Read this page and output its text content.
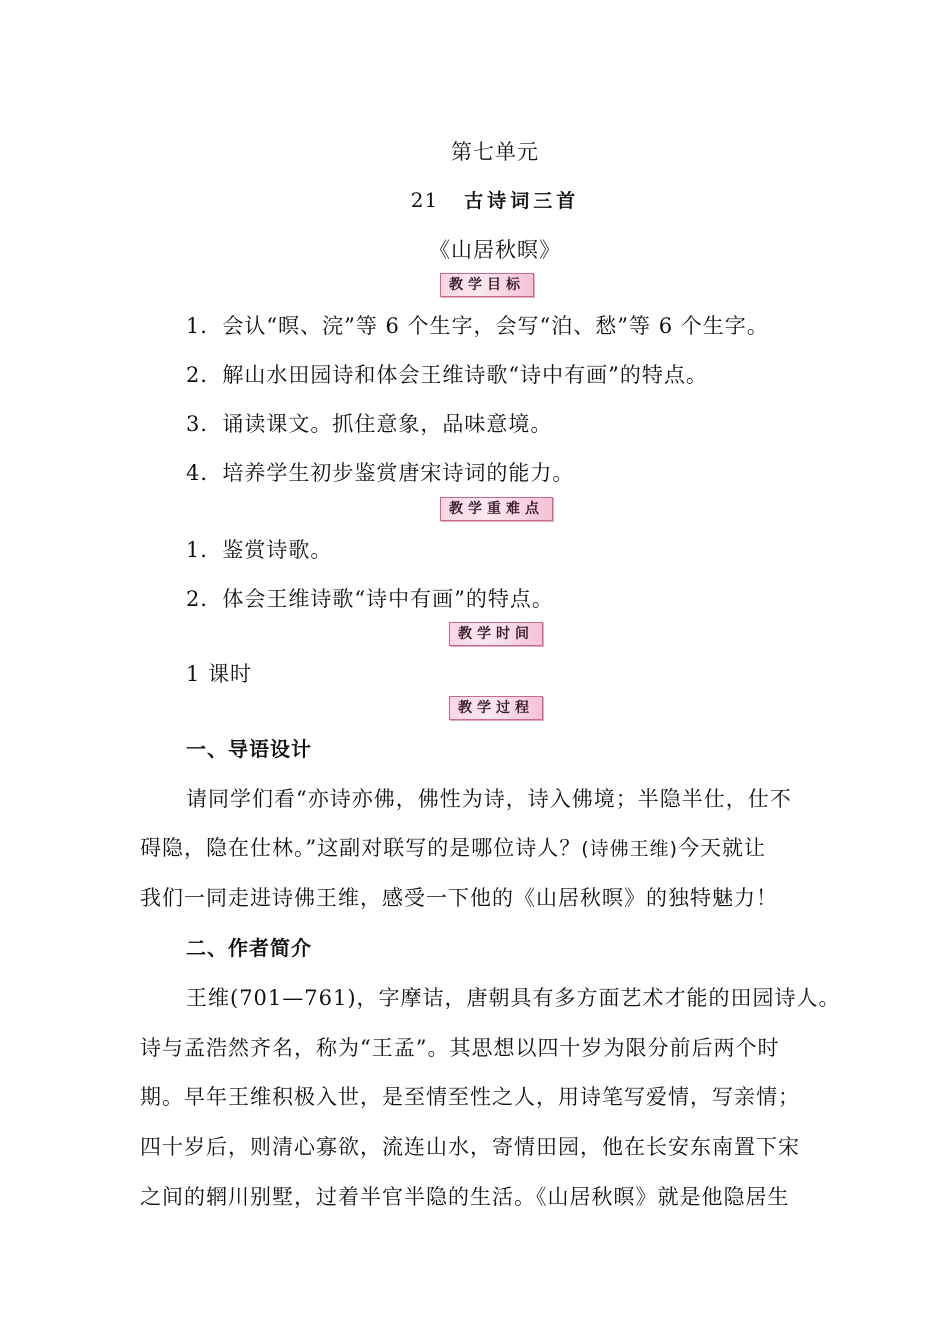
第七单元
21 古诗词三首
《山居秋暝》
教学目标
1．会认“暝、浣”等 6 个生字，会写“泊、愁”等 6 个生字。
2．解山水田园诗和体会王维诗歌“诗中有画”的特点。
3．诵读课文。抓住意象，品味意境。
4．培养学生初步鉴赏唐宋诗词的能力。
教学重难点
1．鉴赏诗歌。
2．体会王维诗歌“诗中有画”的特点。
教学时间
1 课时
教学过程
一、导语设计
请同学们看“亦诗亦佛，佛性为诗，诗入佛境；半隐半仕，仕不
碍隐，隐在仕林。”这副对联写的是哪位诗人？(诗佛王维)今天就让
我们一同走进诗佛王维，感受一下他的《山居秋暝》的独特魅力！
二、作者简介
王维(701—761)，字摩诘，唐朝具有多方面艺术才能的田园诗人。
诗与孟浩然齐名，称为“王孟”。其思想以四十岁为限分前后两个时
期。早年王维积极入世，是至情至性之人，用诗笔写爱情，写亲情；
四十岁后，则清心寡欲，流连山水，寄情田园，他在长安东南置下宋
之间的辋川别墅，过着半官半隐的生活。《山居秋暝》就是他隐居生
